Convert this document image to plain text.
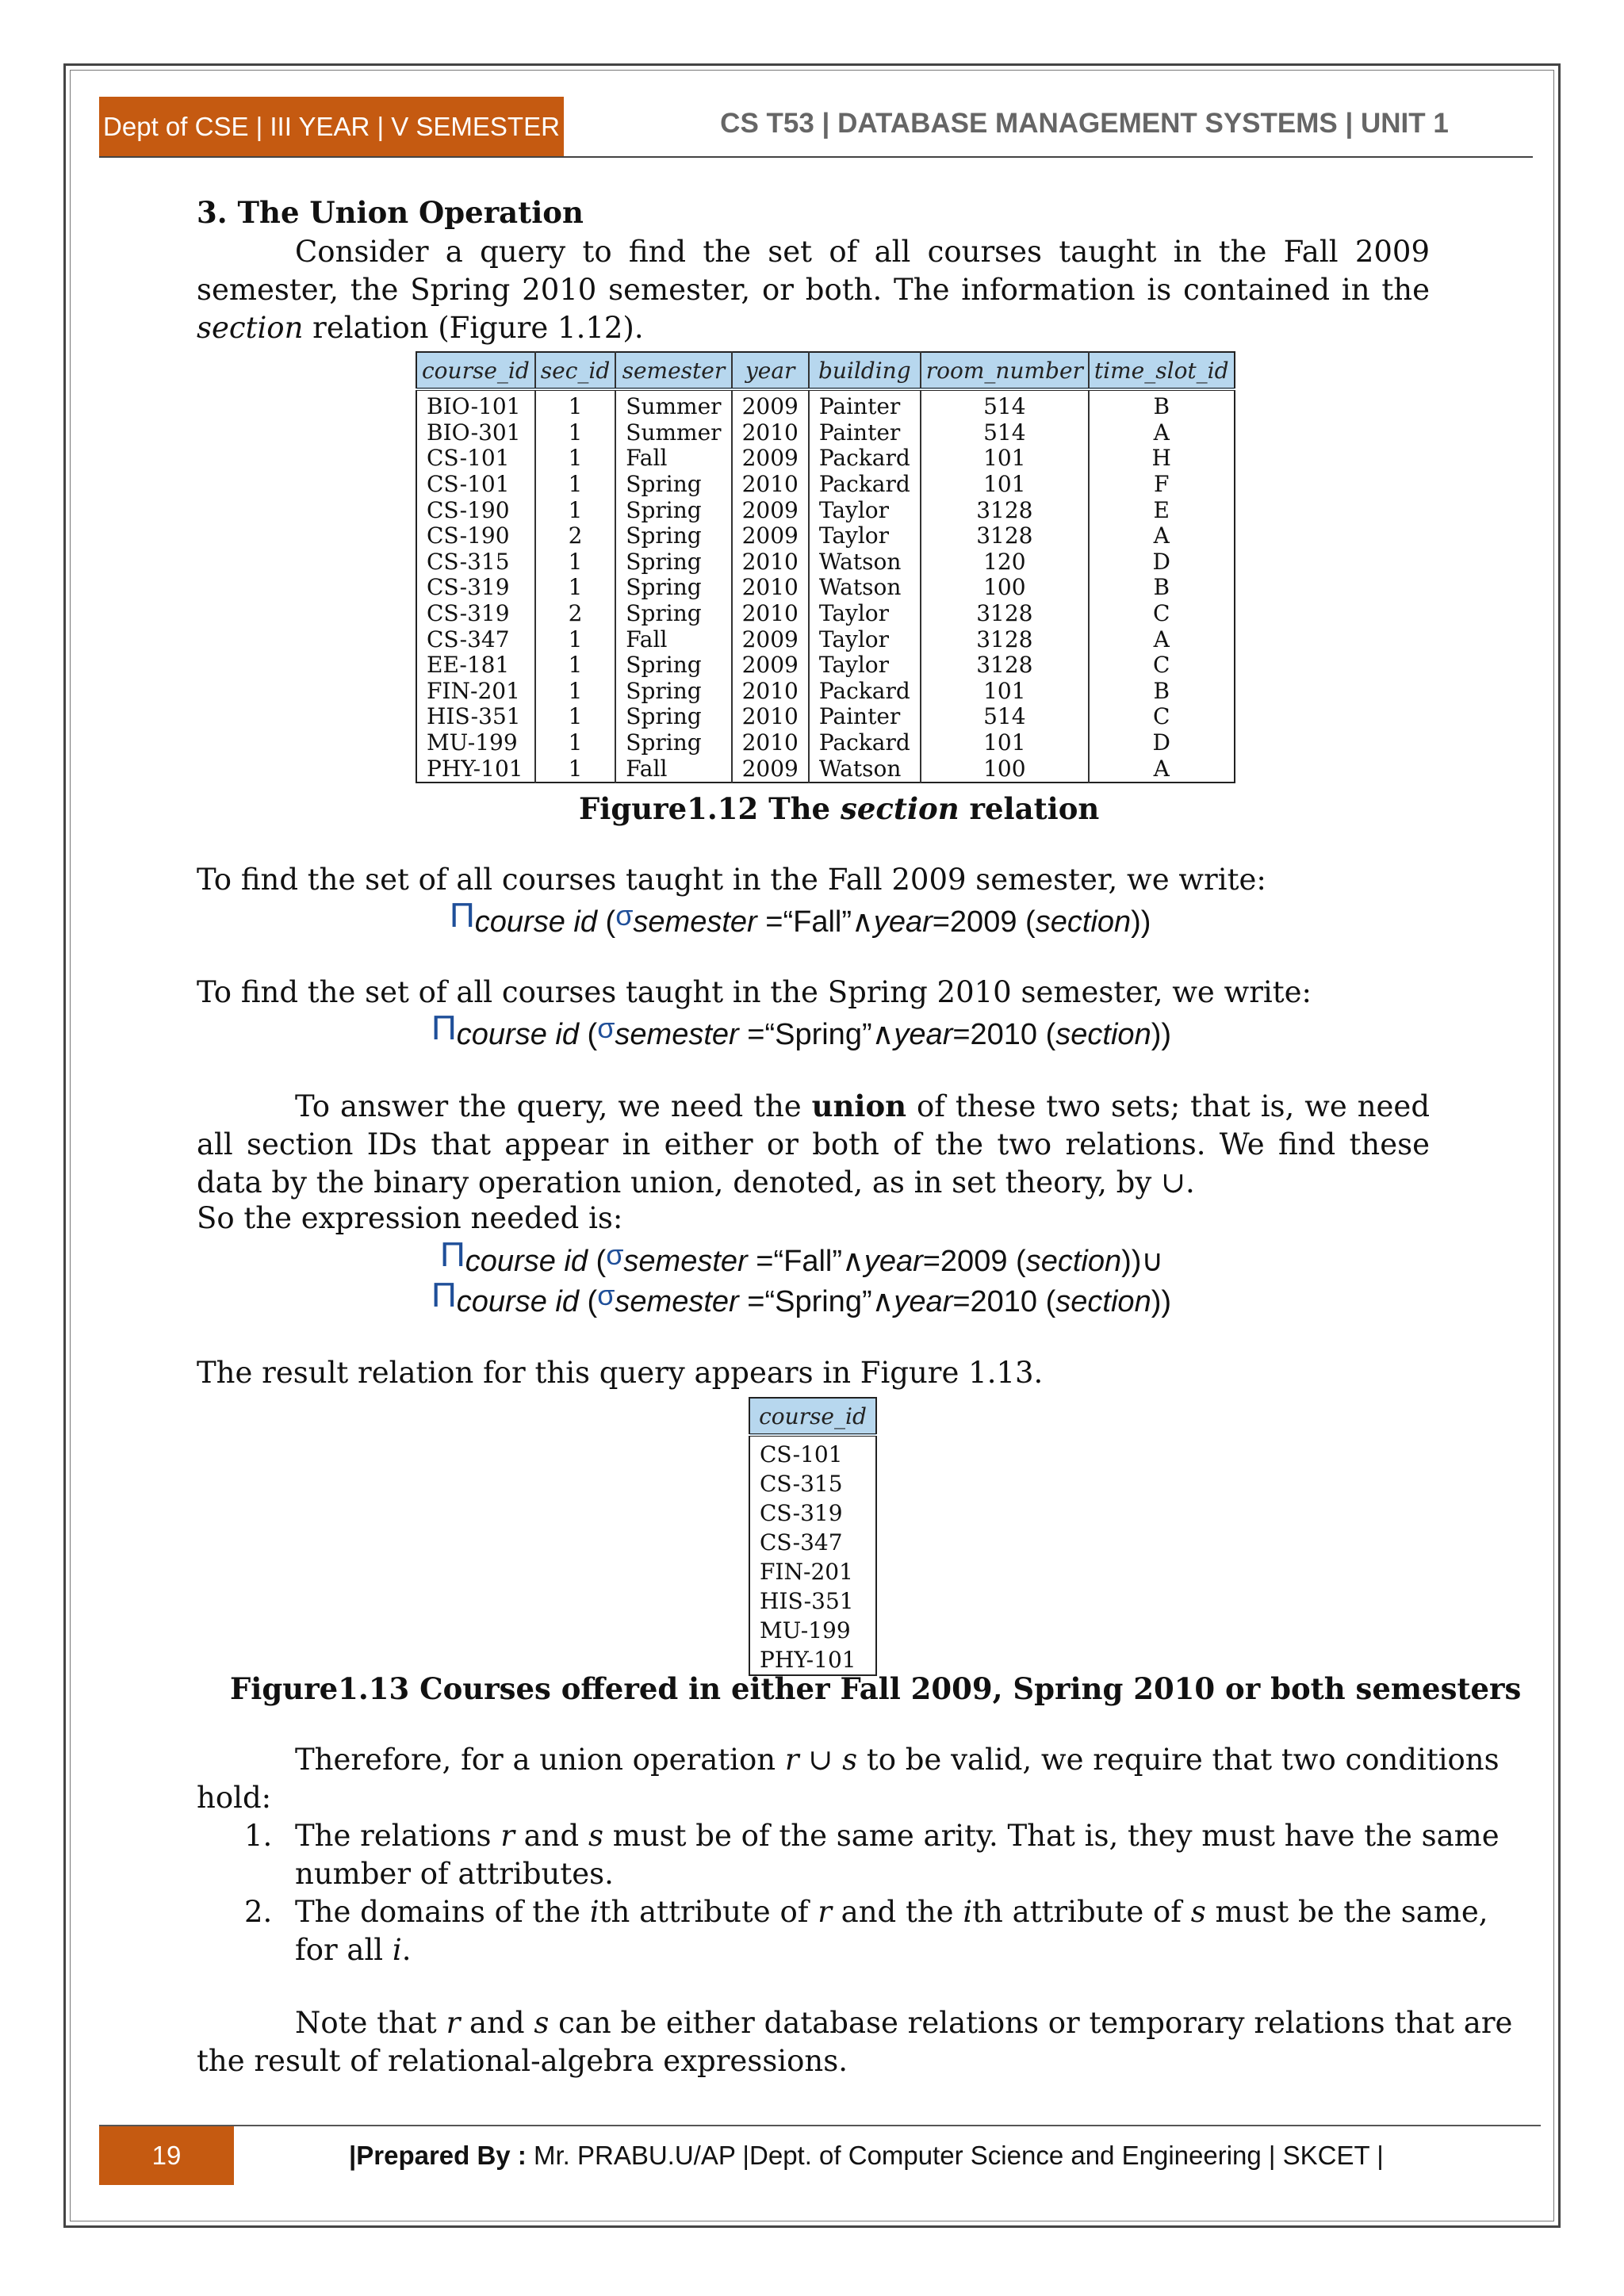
Dept of CSE | III YEAR | V SEMESTER	CS T53 | DATABASE MANAGEMENT SYSTEMS | UNIT 1
3. The Union Operation
Consider a query to find the set of all courses taught in the Fall 2009 semester, the Spring 2010 semester, or both. The information is contained in the section relation (Figure 1.12).
course_id	sec_id	semester	year	building	room_number	time_slot_id
BIO-101	1	Summer	2009	Painter	514	B
BIO-301	1	Summer	2010	Painter	514	A
CS-101	1	Fall	2009	Packard	101	H
CS-101	1	Spring	2010	Packard	101	F
CS-190	1	Spring	2009	Taylor	3128	E
CS-190	2	Spring	2009	Taylor	3128	A
CS-315	1	Spring	2010	Watson	120	D
CS-319	1	Spring	2010	Watson	100	B
CS-319	2	Spring	2010	Taylor	3128	C
CS-347	1	Fall	2009	Taylor	3128	A
EE-181	1	Spring	2009	Taylor	3128	C
FIN-201	1	Spring	2010	Packard	101	B
HIS-351	1	Spring	2010	Painter	514	C
MU-199	1	Spring	2010	Packard	101	D
PHY-101	1	Fall	2009	Watson	100	A
Figure1.12 The section relation
To find the set of all courses taught in the Fall 2009 semester, we write:
Πcourse id (σsemester =“Fall”∧year=2009 (section))
To find the set of all courses taught in the Spring 2010 semester, we write:
Πcourse id (σsemester =“Spring”∧year=2010 (section))
To answer the query, we need the union of these two sets; that is, we need all section IDs that appear in either or both of the two relations. We find these data by the binary operation union, denoted, as in set theory, by ∪.
So the expression needed is:
Πcourse id (σsemester =“Fall”∧year=2009 (section))∪
Πcourse id (σsemester =“Spring”∧year=2010 (section))
The result relation for this query appears in Figure 1.13.
course_id
CS-101
CS-315
CS-319
CS-347
FIN-201
HIS-351
MU-199
PHY-101
Figure1.13 Courses offered in either Fall 2009, Spring 2010 or both semesters
Therefore, for a union operation r ∪ s to be valid, we require that two conditions
hold:
1. The relations r and s must be of the same arity. That is, they must have the same
number of attributes.
2. The domains of the ith attribute of r and the ith attribute of s must be the same,
for all i.
Note that r and s can be either database relations or temporary relations that are
the result of relational-algebra expressions.
19	|Prepared By : Mr. PRABU.U/AP |Dept. of Computer Science and Engineering | SKCET |
